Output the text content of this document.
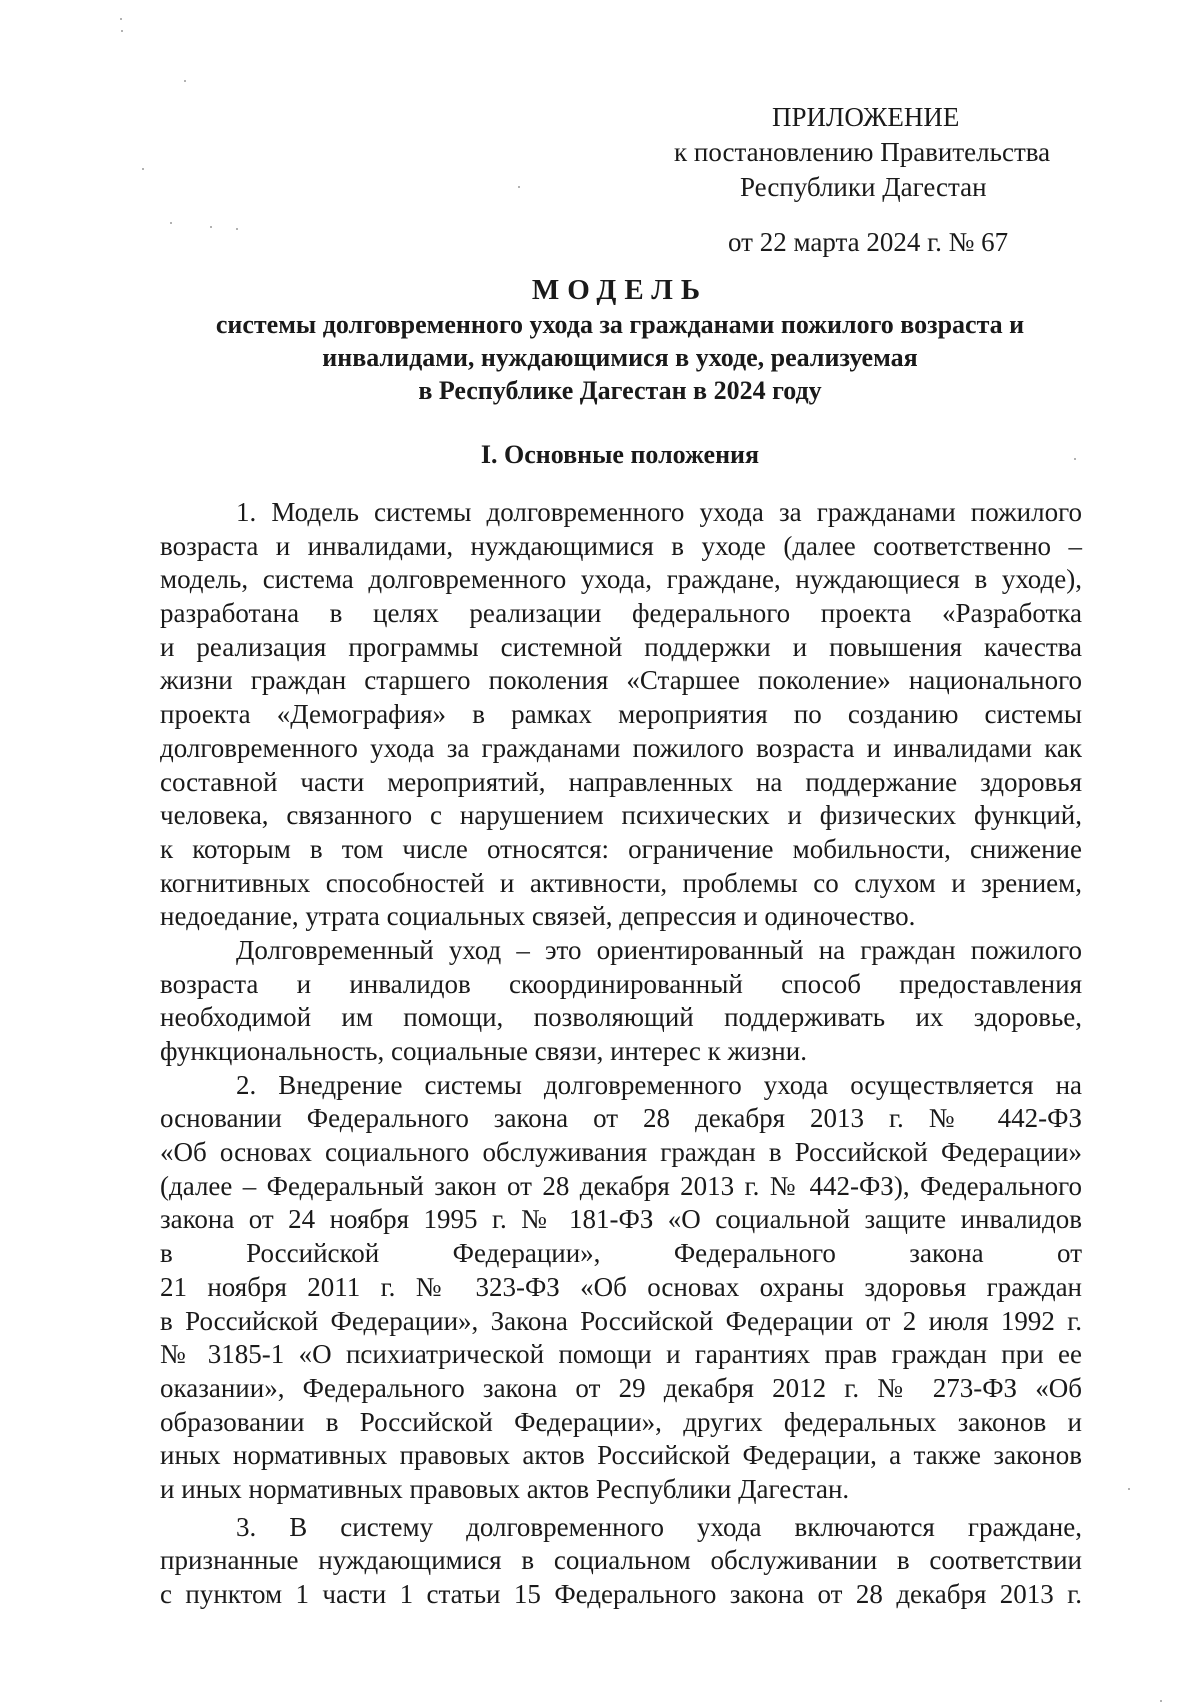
ПРИЛОЖЕНИЕ
к постановлению Правительства
Республики Дагестан
от 22 марта 2024 г. № 67
МОДЕЛЬ
системы долговременного ухода за гражданами пожилого возраста и
инвалидами, нуждающимися в уходе, реализуемая
в Республике Дагестан в 2024 году
I. Основные положения
1. Модель системы долговременного ухода за гражданами пожилого
возраста и инвалидами, нуждающимися в уходе (далее соответственно –
модель, система долговременного ухода, граждане, нуждающиеся в уходе),
разработана в целях реализации федерального проекта «Разработка
и реализация программы системной поддержки и повышения качества
жизни граждан старшего поколения «Старшее поколение» национального
проекта «Демография» в рамках мероприятия по созданию системы
долговременного ухода за гражданами пожилого возраста и инвалидами как
составной части мероприятий, направленных на поддержание здоровья
человека, связанного с нарушением психических и физических функций,
к которым в том числе относятся: ограничение мобильности, снижение
когнитивных способностей и активности, проблемы со слухом и зрением,
недоедание, утрата социальных связей, депрессия и одиночество.
Долговременный уход – это ориентированный на граждан пожилого
возраста и инвалидов скоординированный способ предоставления
необходимой им помощи, позволяющий поддерживать их здоровье,
функциональность, социальные связи, интерес к жизни.
2. Внедрение системы долговременного ухода осуществляется на
основании Федерального закона от 28 декабря 2013 г. № 442-ФЗ
«Об основах социального обслуживания граждан в Российской Федерации»
(далее – Федеральный закон от 28 декабря 2013 г. № 442-ФЗ), Федерального
закона от 24 ноября 1995 г. № 181-ФЗ «О социальной защите инвалидов
в Российской Федерации», Федерального закона от
21 ноября 2011 г. № 323-ФЗ «Об основах охраны здоровья граждан
в Российской Федерации», Закона Российской Федерации от 2 июля 1992 г.
№ 3185-1 «О психиатрической помощи и гарантиях прав граждан при ее
оказании», Федерального закона от 29 декабря 2012 г. № 273-ФЗ «Об
образовании в Российской Федерации», других федеральных законов и
иных нормативных правовых актов Российской Федерации, а также законов
и иных нормативных правовых актов Республики Дагестан.
3. В систему долговременного ухода включаются граждане,
признанные нуждающимися в социальном обслуживании в соответствии
с пунктом 1 части 1 статьи 15 Федерального закона от 28 декабря 2013 г.
